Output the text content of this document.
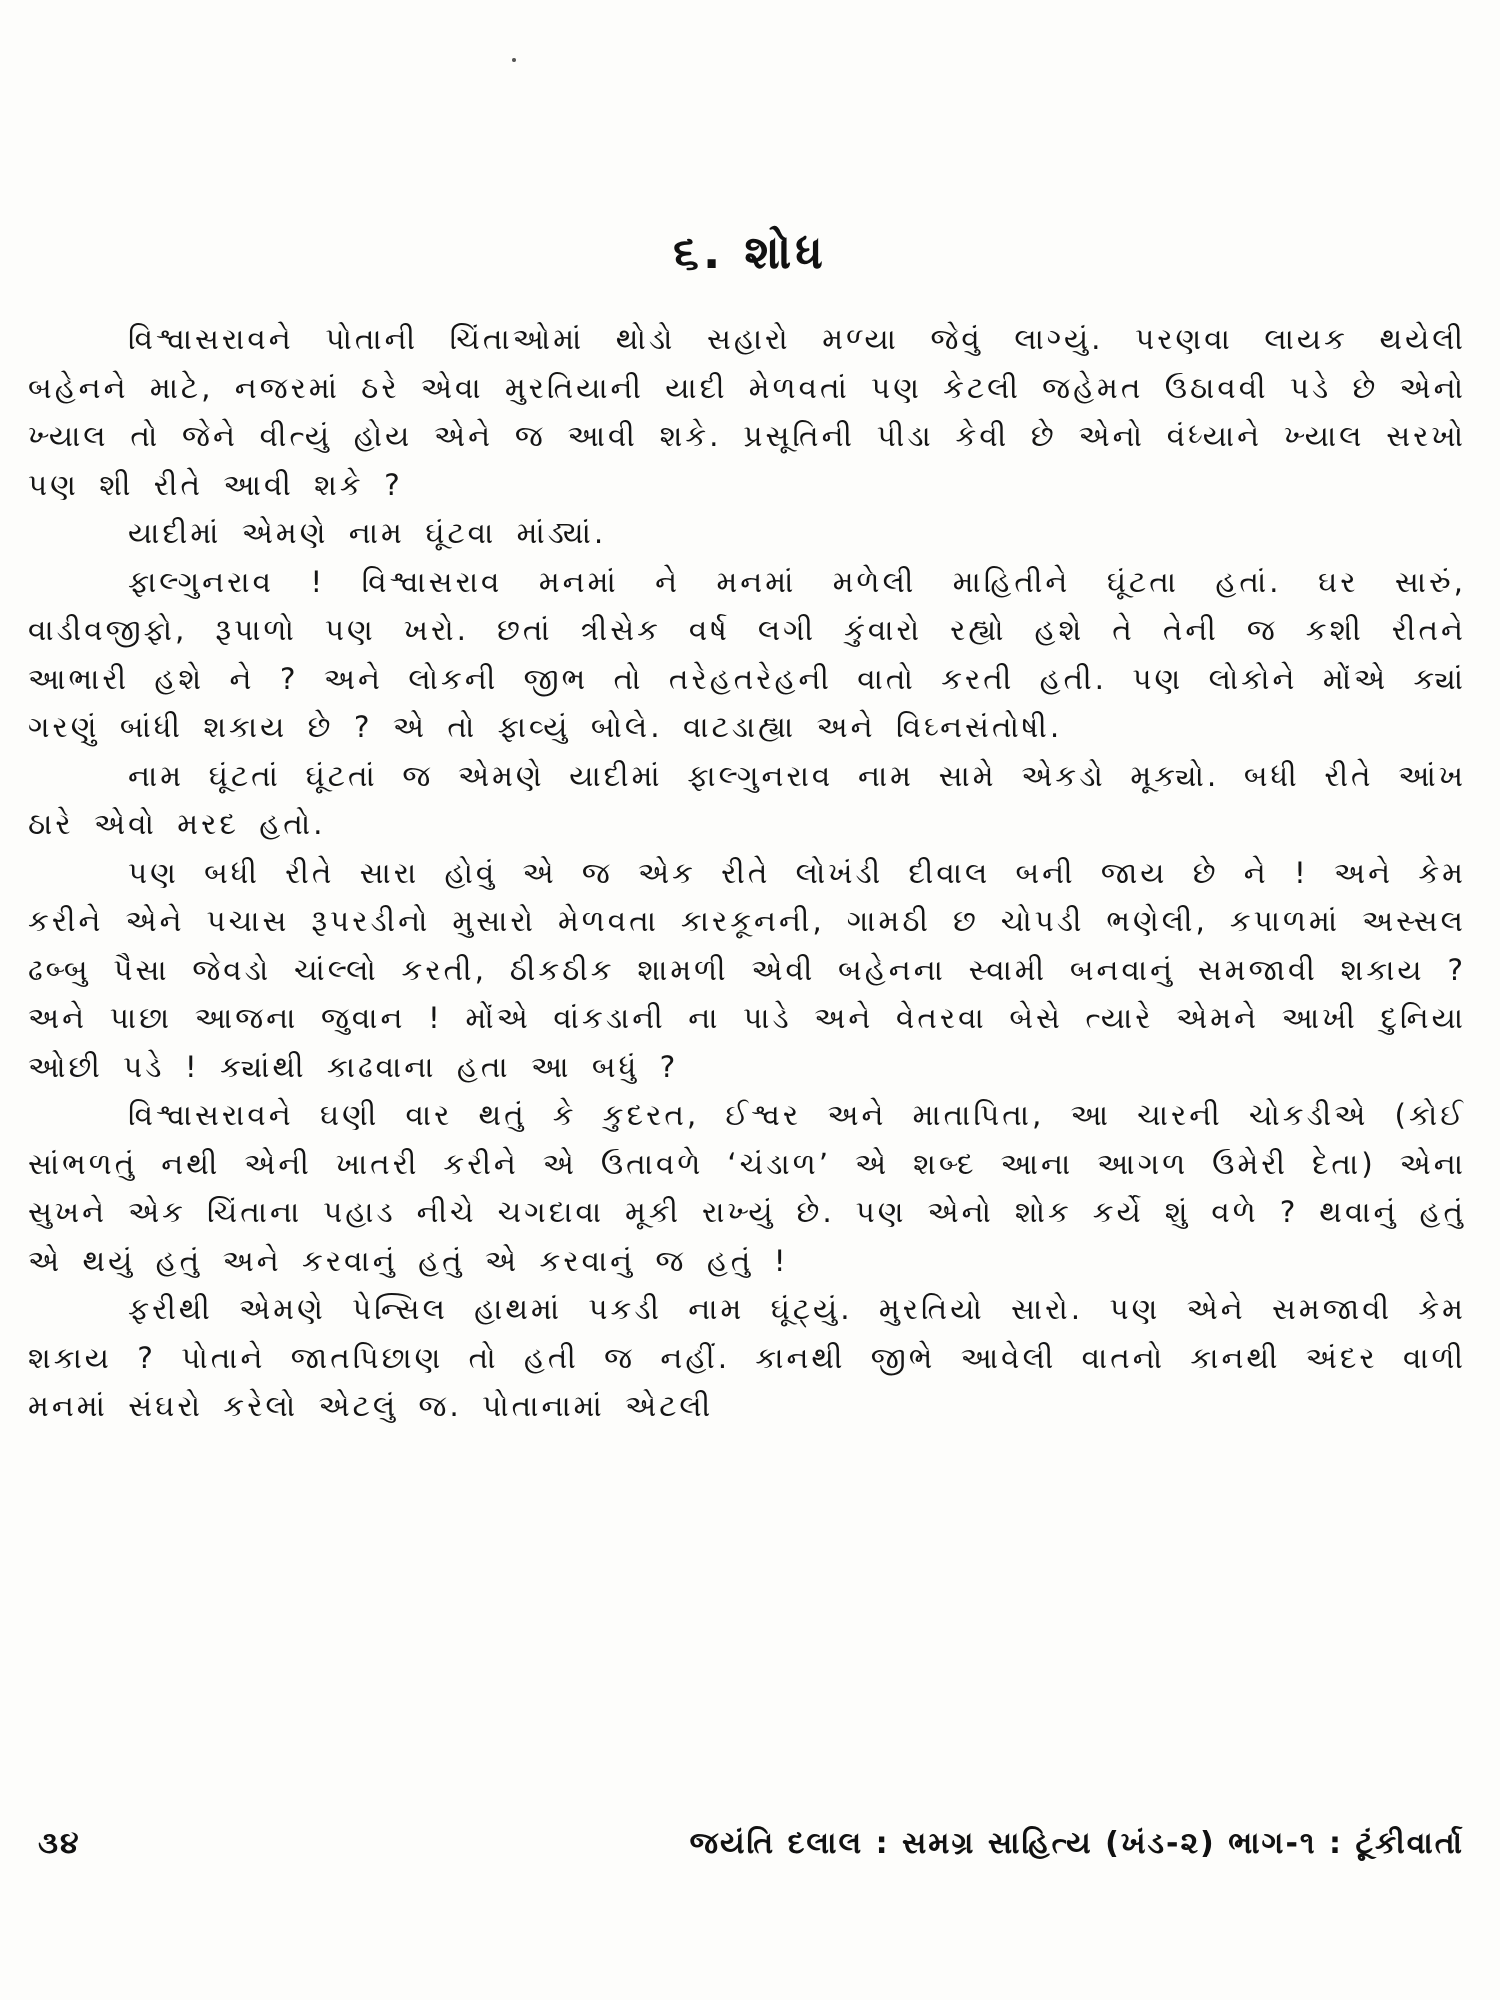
૬. શોધ

વિશ્વાસરાવને પોતાની ચિંતાઓમાં થોડો સહારો મળ્યા જેવું લાગ્યું. પરણવા લાયક થયેલી બહેનને માટે, નજરમાં ઠરે એવા મુરતિયાની યાદી મેળવતાં પણ કેટલી જહેમત ઉઠાવવી પડે છે એનો ખ્યાલ તો જેને વીત્યું હોય એને જ આવી શકે. પ્રસૂતિની પીડા કેવી છે એનો વંધ્યાને ખ્યાલ સરખો પણ શી રીતે આવી શકે ?

યાદીમાં એમણે નામ ઘૂંટવા માંડ્યાં.

ફાલ્ગુનરાવ ! વિશ્વાસરાવ મનમાં ને મનમાં મળેલી માહિતીને ઘૂંટતા હતાં. ઘર સારું, વાડીવજીફો, રૂપાળો પણ ખરો. છતાં ત્રીસેક વર્ષ લગી કુંવારો રહ્યો હશે તે તેની જ કશી રીતને આભારી હશે ને ? અને લોકની જીભ તો તરેહતરેહની વાતો કરતી હતી. પણ લોકોને મોંએ ક્યાં ગરણું બાંધી શકાય છે ? એ તો ફાવ્યું બોલે. વાટડાહ્યા અને વિઘ્નસંતોષી.

નામ ઘૂંટતાં ઘૂંટતાં જ એમણે યાદીમાં ફાલ્ગુનરાવ નામ સામે એકડો મૂક્યો. બધી રીતે આંખ ઠારે એવો મરદ હતો.

પણ બધી રીતે સારા હોવું એ જ એક રીતે લોખંડી દીવાલ બની જાય છે ને ! અને કેમ કરીને એને પચાસ રૂપરડીનો મુસારો મેળવતા કારકૂનની, ગામઠી છ ચોપડી ભણેલી, કપાળમાં અસ્સલ ઢબ્બુ પૈસા જેવડો ચાંલ્લો કરતી, ઠીકઠીક શામળી એવી બહેનના સ્વામી બનવાનું સમજાવી શકાય ? અને પાછા આજના જુવાન ! મોંએ વાંકડાની ના પાડે અને વેતરવા બેસે ત્યારે એમને આખી દુનિયા ઓછી પડે ! ક્યાંથી કાઢવાના હતા આ બધું ?

વિશ્વાસરાવને ઘણી વાર થતું કે કુદરત, ઈશ્વર અને માતાપિતા, આ ચારની ચોકડીએ (કોઈ સાંભળતું નથી એની ખાતરી કરીને એ ઉતાવળે ‘ચંડાળ’ એ શબ્દ આના આગળ ઉમેરી દેતા) એના સુખને એક ચિંતાના પહાડ નીચે ચગદાવા મૂકી રાખ્યું છે. પણ એનો શોક કર્યે શું વળે ? થવાનું હતું એ થયું હતું અને કરવાનું હતું એ કરવાનું જ હતું !

ફરીથી એમણે પેન્સિલ હાથમાં પકડી નામ ઘૂંટ્યું. મુરતિયો સારો. પણ એને સમજાવી કેમ શકાય ? પોતાને જાતપિછાણ તો હતી જ નહીં. કાનથી જીભે આવેલી વાતનો કાનથી અંદર વાળી મનમાં સંઘરો કરેલો એટલું જ. પોતાનામાં એટલી

૩૪	જયંતિ દલાલ : સમગ્ર સાહિત્ય (ખંડ-૨) ભાગ-૧ : ટૂંકીવાર્તા
